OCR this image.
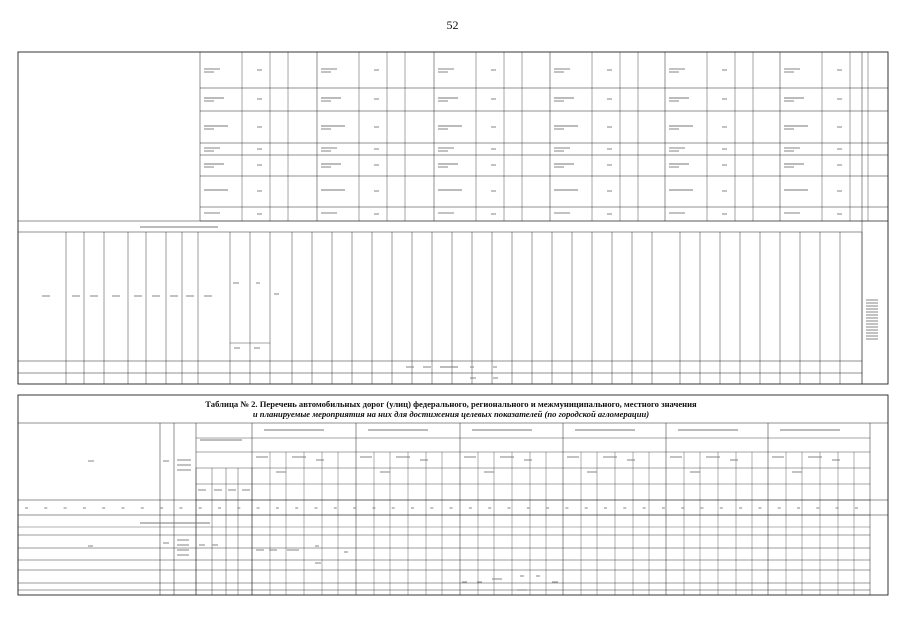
52
Таблица № 2. Перечень автомобильных дорог (улиц) федерального, регионального и межмуниципального, местного значения
и планируемые мероприятия на них для достижения целевых показателей (по городской агломерации)
